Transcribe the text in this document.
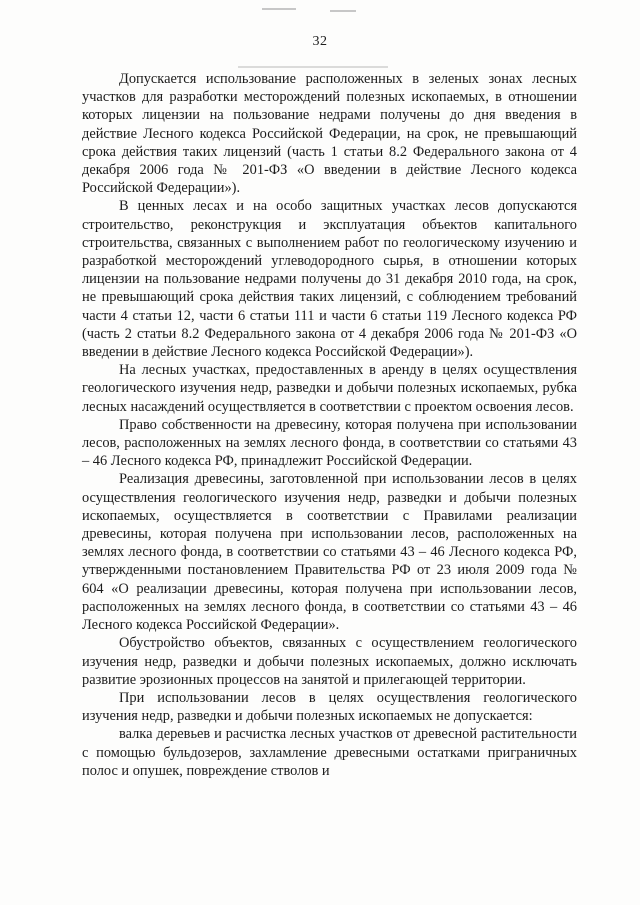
32

Допускается использование расположенных в зеленых зонах лесных участков для разработки месторождений полезных ископаемых, в отношении которых лицензии на пользование недрами получены до дня введения в действие Лесного кодекса Российской Федерации, на срок, не превышающий срока действия таких лицензий (часть 1 статьи 8.2 Федерального закона от 4 декабря 2006 года № 201-ФЗ «О введении в действие Лесного кодекса Российской Федерации»).

В ценных лесах и на особо защитных участках лесов допускаются строительство, реконструкция и эксплуатация объектов капитального строительства, связанных с выполнением работ по геологическому изучению и разработкой месторождений углеводородного сырья, в отношении которых лицензии на пользование недрами получены до 31 декабря 2010 года, на срок, не превышающий срока действия таких лицензий, с соблюдением требований части 4 статьи 12, части 6 статьи 111 и части 6 статьи 119 Лесного кодекса РФ (часть 2 статьи 8.2 Федерального закона от 4 декабря 2006 года № 201-ФЗ «О введении в действие Лесного кодекса Российской Федерации»).

На лесных участках, предоставленных в аренду в целях осуществления геологического изучения недр, разведки и добычи полезных ископаемых, рубка лесных насаждений осуществляется в соответствии с проектом освоения лесов.

Право собственности на древесину, которая получена при использовании лесов, расположенных на землях лесного фонда, в соответствии со статьями 43 – 46 Лесного кодекса РФ, принадлежит Российской Федерации.

Реализация древесины, заготовленной при использовании лесов в целях осуществления геологического изучения недр, разведки и добычи полезных ископаемых, осуществляется в соответствии с Правилами реализации древесины, которая получена при использовании лесов, расположенных на землях лесного фонда, в соответствии со статьями 43 – 46 Лесного кодекса РФ, утвержденными постановлением Правительства РФ от 23 июля 2009 года № 604 «О реализации древесины, которая получена при использовании лесов, расположенных на землях лесного фонда, в соответствии со статьями 43 – 46 Лесного кодекса Российской Федерации».

Обустройство объектов, связанных с осуществлением геологического изучения недр, разведки и добычи полезных ископаемых, должно исключать развитие эрозионных процессов на занятой и прилегающей территории.

При использовании лесов в целях осуществления геологического изучения недр, разведки и добычи полезных ископаемых не допускается:

валка деревьев и расчистка лесных участков от древесной растительности с помощью бульдозеров, захламление древесными остатками приграничных полос и опушек, повреждение стволов и
